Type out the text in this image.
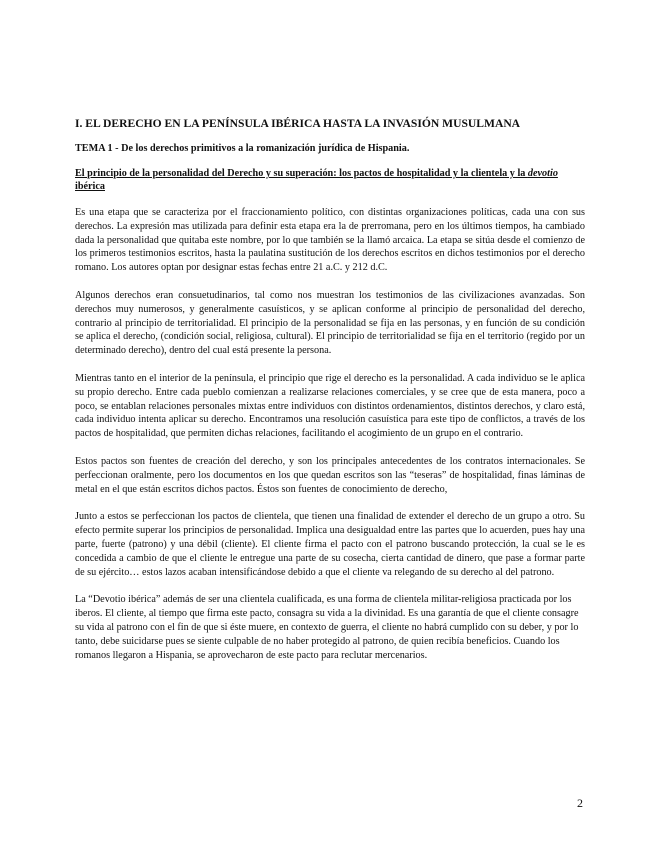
I. EL DERECHO EN LA PENÍNSULA IBÉRICA HASTA LA INVASIÓN MUSULMANA
TEMA 1 - De los derechos primitivos a la romanización jurídica de Hispania.
El principio de la personalidad del Derecho y su superación: los pactos de hospitalidad y la clientela y la devotio ibérica

Es una etapa que se caracteriza por el fraccionamiento político, con distintas organizaciones políticas, cada una con sus derechos. La expresión mas utilizada para definir esta etapa era la de prerromana, pero en los últimos tiempos, ha cambiado dada la personalidad que quitaba este nombre, por lo que también se la llamó arcaica. La etapa se sitúa desde el comienzo de los primeros testimonios escritos, hasta la paulatina sustitución de los derechos escritos en dichos testimonios por el derecho romano. Los autores optan por designar estas fechas entre 21 a.C. y 212 d.C.

Algunos derechos eran consuetudinarios, tal como nos muestran los testimonios de las civilizaciones avanzadas. Son derechos muy numerosos, y generalmente casuísticos, y se aplican conforme al principio de personalidad del derecho, contrario al principio de territorialidad. El principio de la personalidad se fija en las personas, y en función de su condición se aplica el derecho, (condición social, religiosa, cultural). El principio de territorialidad se fija en el territorio (regido por un determinado derecho), dentro del cual está presente la persona.

Mientras tanto en el interior de la península, el principio que rige el derecho es la personalidad. A cada individuo se le aplica su propio derecho. Entre cada pueblo comienzan a realizarse relaciones comerciales, y se cree que de esta manera, poco a poco, se entablan relaciones personales mixtas entre individuos con distintos ordenamientos, distintos derechos, y claro está, cada individuo intenta aplicar su derecho. Encontramos una resolución casuística para este tipo de conflictos, a través de los pactos de hospitalidad, que permiten dichas relaciones, facilitando el acogimiento de un grupo en el contrario.

Estos pactos son fuentes de creación del derecho, y son los principales antecedentes de los contratos internacionales. Se perfeccionan oralmente, pero los documentos en los que quedan escritos son las “teseras” de hospitalidad, finas láminas de metal en el que están escritos dichos pactos. Éstos son fuentes de conocimiento de derecho,

Junto a estos se perfeccionan los pactos de clientela, que tienen una finalidad de extender el derecho de un grupo a otro. Su efecto permite superar los principios de personalidad. Implica una desigualdad entre las partes que lo acuerden, pues hay una parte, fuerte (patrono) y una débil (cliente). El cliente firma el pacto con el patrono buscando protección, la cual se le es concedida a cambio de que el cliente le entregue una parte de su cosecha, cierta cantidad de dinero, que pase a formar parte de su ejército… estos lazos acaban intensificándose debido a que el cliente va relegando de su derecho al del patrono.

La “Devotio ibérica” además de ser una clientela cualificada, es una forma de clientela militar-religiosa practicada por los iberos. El cliente, al tiempo que firma este pacto, consagra su vida a la divinidad. Es una garantía de que el cliente consagre su vida al patrono con el fin de que si éste muere, en contexto de guerra, el cliente no habrá cumplido con su deber, y por lo tanto, debe suicidarse pues se siente culpable de no haber protegido al patrono, de quien recibía beneficios. Cuando los romanos llegaron a Hispania, se aprovecharon de este pacto para reclutar mercenarios.

2
